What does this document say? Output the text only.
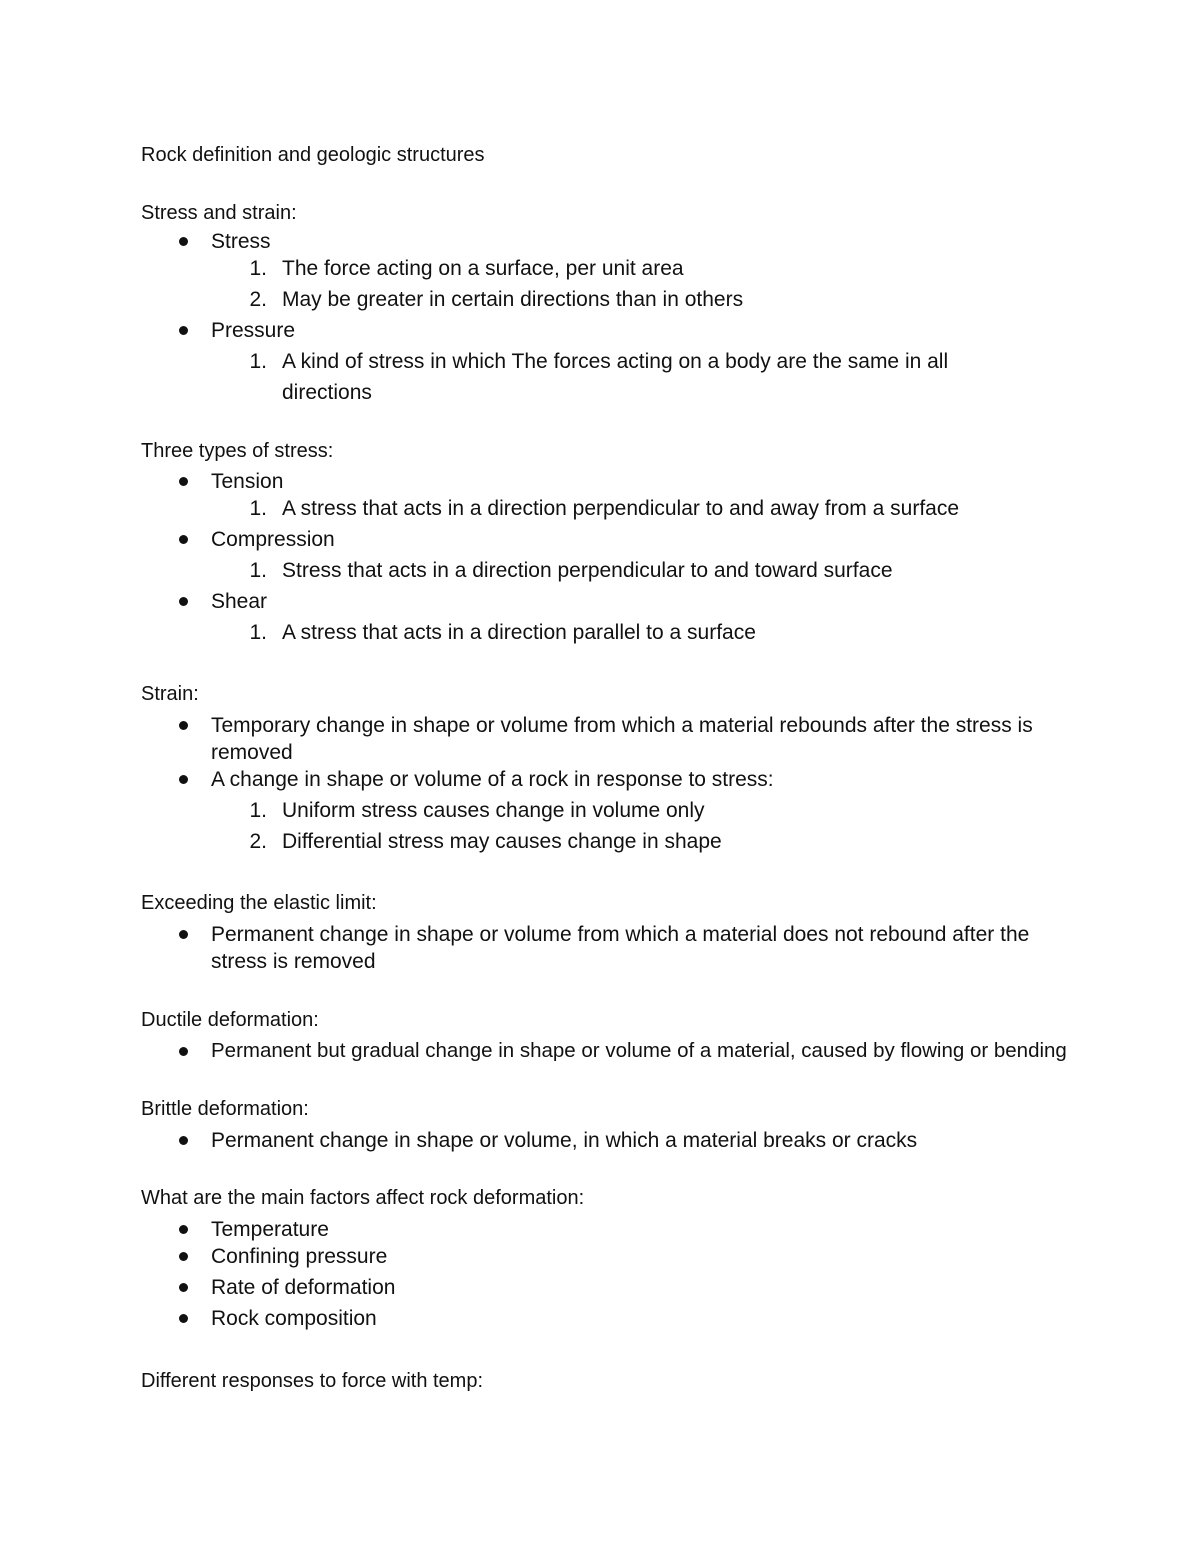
Rock definition and geologic structures
Stress and strain:
Stress
1. The force acting on a surface, per unit area
2. May be greater in certain directions than in others
Pressure
1. A kind of stress in which The forces acting on a body are the same in all
directions
Three types of stress:
Tension
1. A stress that acts in a direction perpendicular to and away from a surface
Compression
1. Stress that acts in a direction perpendicular to and toward surface
Shear
1. A stress that acts in a direction parallel to a surface
Strain:
Temporary change in shape or volume from which a material rebounds after the stress is
removed
A change in shape or volume of a rock in response to stress:
1. Uniform stress causes change in volume only
2. Differential stress may causes change in shape
Exceeding the elastic limit:
Permanent change in shape or volume from which a material does not rebound after the
stress is removed
Ductile deformation:
Permanent but gradual change in shape or volume of a material, caused by flowing or bending
Brittle deformation:
Permanent change in shape or volume, in which a material breaks or cracks
What are the main factors affect rock deformation:
Temperature
Confining pressure
Rate of deformation
Rock composition
Different responses to force with temp:
